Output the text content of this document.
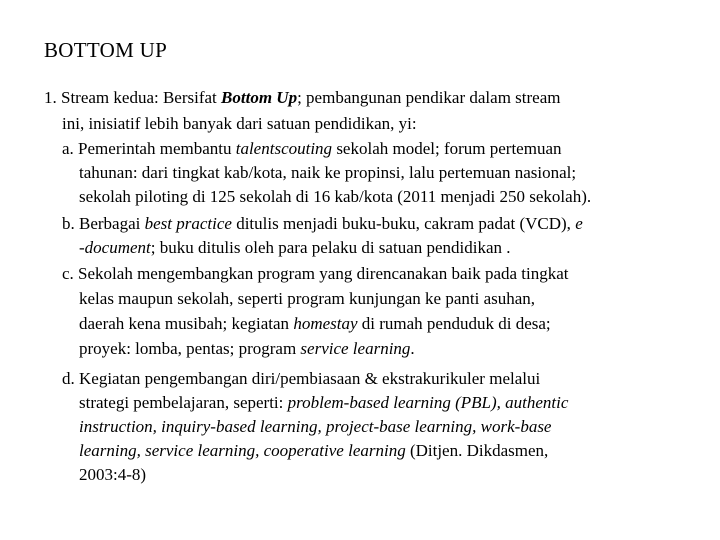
BOTTOM UP
1. Stream kedua: Bersifat Bottom Up; pembangunan pendikar dalam stream
ini, inisiatif lebih banyak dari satuan pendidikan, yi:
a. Pemerintah membantu talentscouting sekolah model; forum pertemuan
tahunan: dari tingkat kab/kota, naik ke propinsi, lalu pertemuan nasional;
sekolah piloting di 125 sekolah di 16 kab/kota (2011 menjadi 250 sekolah).
b. Berbagai best practice ditulis menjadi buku-buku, cakram padat (VCD), e
-document; buku ditulis oleh para pelaku di satuan pendidikan .
c. Sekolah mengembangkan program yang direncanakan baik pada tingkat
kelas maupun sekolah, seperti program kunjungan ke panti asuhan,
daerah kena musibah; kegiatan homestay di rumah penduduk di desa;
proyek: lomba, pentas; program service learning.
d. Kegiatan pengembangan diri/pembiasaan & ekstrakurikuler melalui
strategi pembelajaran, seperti: problem-based learning (PBL), authentic
instruction, inquiry-based learning, project-base learning, work-base
learning, service learning, cooperative learning (Ditjen. Dikdasmen,
2003:4-8)
